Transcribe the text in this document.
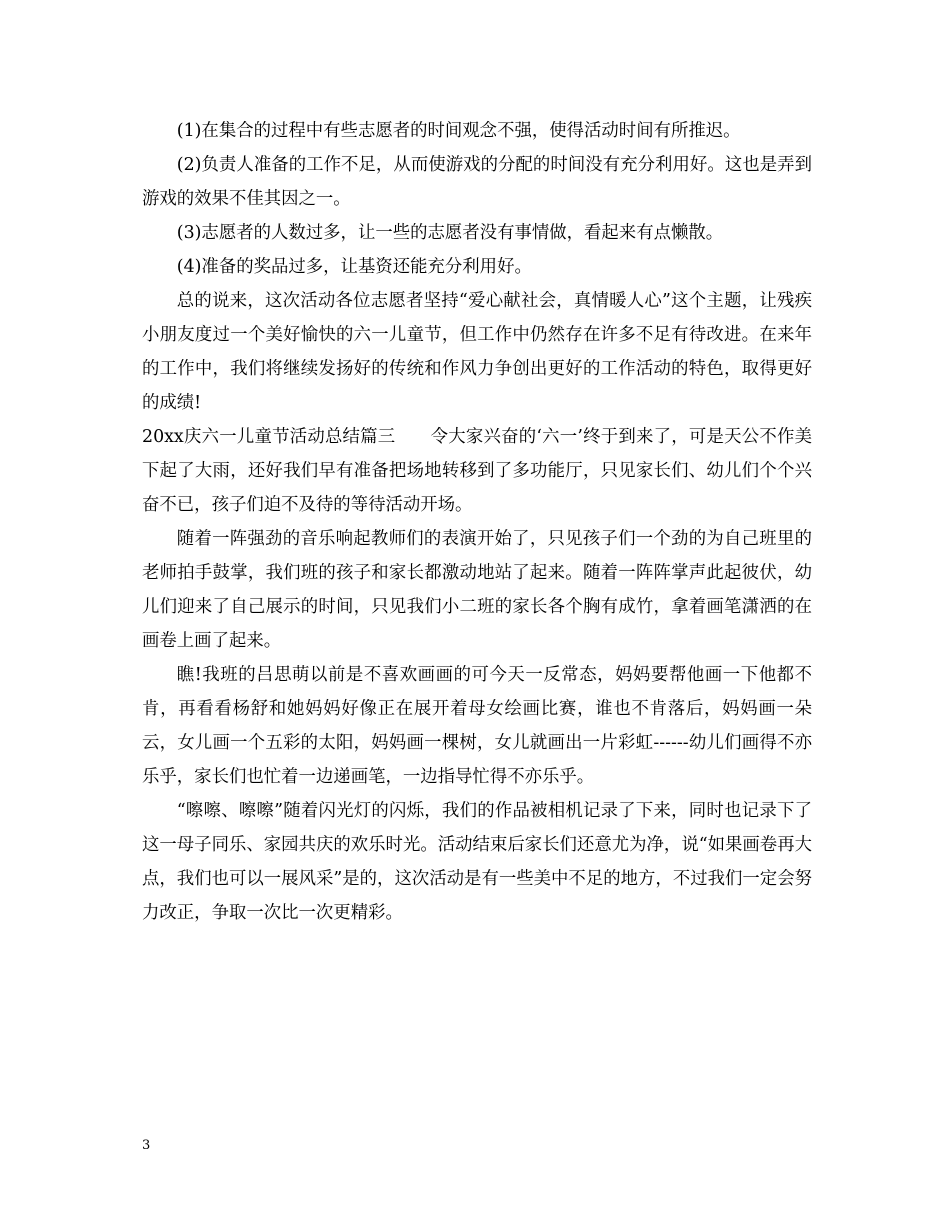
(1)在集合的过程中有些志愿者的时间观念不强，使得活动时间有所推迟。

(2)负责人准备的工作不足，从而使游戏的分配的时间没有充分利用好。这也是弄到游戏的效果不佳其因之一。

(3)志愿者的人数过多，让一些的志愿者没有事情做，看起来有点懒散。

(4)准备的奖品过多，让基资还能充分利用好。

总的说来，这次活动各位志愿者坚持“爱心献社会，真情暖人心”这个主题，让残疾小朋友度过一个美好愉快的六一儿童节，但工作中仍然存在许多不足有待改进。在来年的工作中，我们将继续发扬好的传统和作风力争创出更好的工作活动的特色，取得更好的成绩!

20xx庆六一儿童节活动总结篇三　　令大家兴奋的‘六一’终于到来了，可是天公不作美下起了大雨，还好我们早有准备把场地转移到了多功能厅，只见家长们、幼儿们个个兴奋不已，孩子们迫不及待的等待活动开场。

随着一阵强劲的音乐响起教师们的表演开始了，只见孩子们一个劲的为自己班里的老师拍手鼓掌，我们班的孩子和家长都激动地站了起来。随着一阵阵掌声此起彼伏，幼儿们迎来了自己展示的时间，只见我们小二班的家长各个胸有成竹，拿着画笔潇洒的在画卷上画了起来。

瞧!我班的吕思萌以前是不喜欢画画的可今天一反常态，妈妈要帮他画一下他都不肯，再看看杨舒和她妈妈好像正在展开着母女绘画比赛，谁也不肯落后，妈妈画一朵云，女儿画一个五彩的太阳，妈妈画一棵树，女儿就画出一片彩虹------幼儿们画得不亦乐乎，家长们也忙着一边递画笔，一边指导忙得不亦乐乎。

“嚓嚓、嚓嚓”随着闪光灯的闪烁，我们的作品被相机记录了下来，同时也记录下了这一母子同乐、家园共庆的欢乐时光。活动结束后家长们还意尤为净，说“如果画卷再大点，我们也可以一展风采”是的，这次活动是有一些美中不足的地方，不过我们一定会努力改正，争取一次比一次更精彩。

3
